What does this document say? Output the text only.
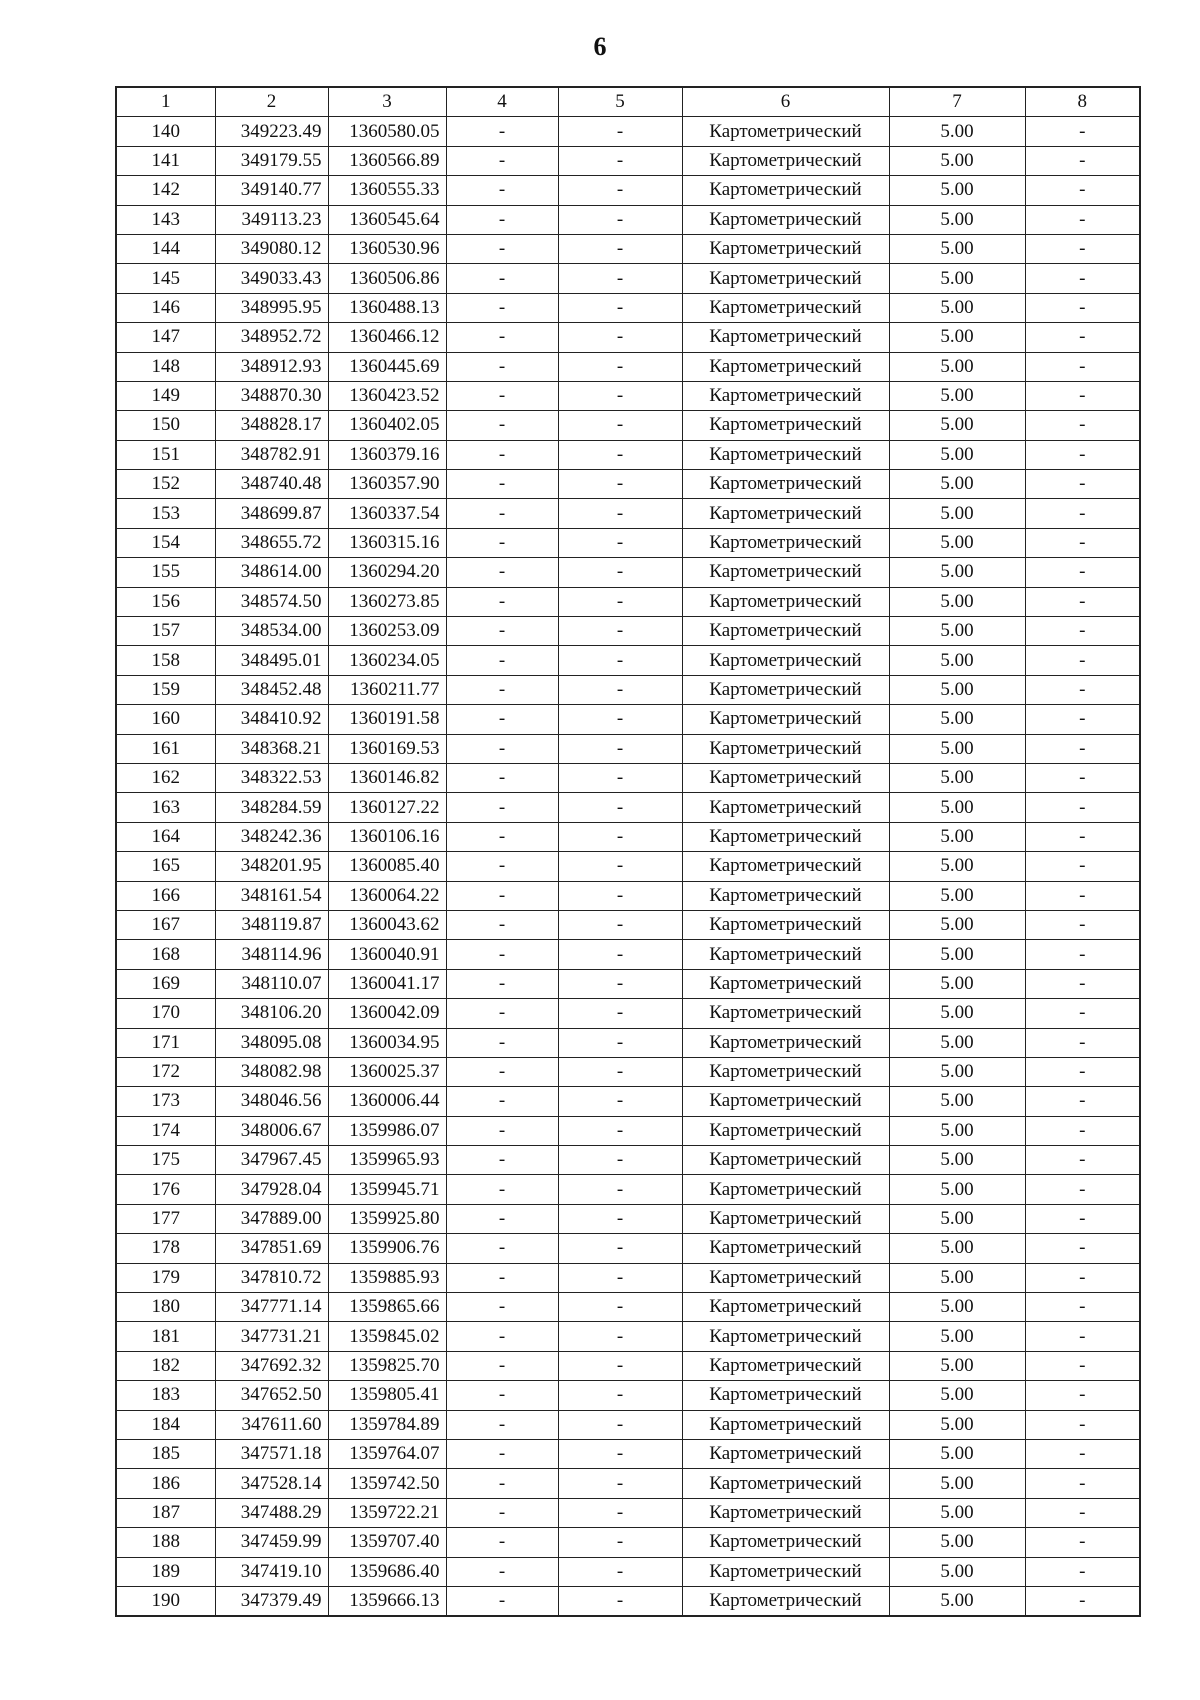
6
1	2	3	4	5	6	7	8
140	349223.49	1360580.05	-	-	Картометрический	5.00	-
141	349179.55	1360566.89	-	-	Картометрический	5.00	-
142	349140.77	1360555.33	-	-	Картометрический	5.00	-
143	349113.23	1360545.64	-	-	Картометрический	5.00	-
144	349080.12	1360530.96	-	-	Картометрический	5.00	-
145	349033.43	1360506.86	-	-	Картометрический	5.00	-
146	348995.95	1360488.13	-	-	Картометрический	5.00	-
147	348952.72	1360466.12	-	-	Картометрический	5.00	-
148	348912.93	1360445.69	-	-	Картометрический	5.00	-
149	348870.30	1360423.52	-	-	Картометрический	5.00	-
150	348828.17	1360402.05	-	-	Картометрический	5.00	-
151	348782.91	1360379.16	-	-	Картометрический	5.00	-
152	348740.48	1360357.90	-	-	Картометрический	5.00	-
153	348699.87	1360337.54	-	-	Картометрический	5.00	-
154	348655.72	1360315.16	-	-	Картометрический	5.00	-
155	348614.00	1360294.20	-	-	Картометрический	5.00	-
156	348574.50	1360273.85	-	-	Картометрический	5.00	-
157	348534.00	1360253.09	-	-	Картометрический	5.00	-
158	348495.01	1360234.05	-	-	Картометрический	5.00	-
159	348452.48	1360211.77	-	-	Картометрический	5.00	-
160	348410.92	1360191.58	-	-	Картометрический	5.00	-
161	348368.21	1360169.53	-	-	Картометрический	5.00	-
162	348322.53	1360146.82	-	-	Картометрический	5.00	-
163	348284.59	1360127.22	-	-	Картометрический	5.00	-
164	348242.36	1360106.16	-	-	Картометрический	5.00	-
165	348201.95	1360085.40	-	-	Картометрический	5.00	-
166	348161.54	1360064.22	-	-	Картометрический	5.00	-
167	348119.87	1360043.62	-	-	Картометрический	5.00	-
168	348114.96	1360040.91	-	-	Картометрический	5.00	-
169	348110.07	1360041.17	-	-	Картометрический	5.00	-
170	348106.20	1360042.09	-	-	Картометрический	5.00	-
171	348095.08	1360034.95	-	-	Картометрический	5.00	-
172	348082.98	1360025.37	-	-	Картометрический	5.00	-
173	348046.56	1360006.44	-	-	Картометрический	5.00	-
174	348006.67	1359986.07	-	-	Картометрический	5.00	-
175	347967.45	1359965.93	-	-	Картометрический	5.00	-
176	347928.04	1359945.71	-	-	Картометрический	5.00	-
177	347889.00	1359925.80	-	-	Картометрический	5.00	-
178	347851.69	1359906.76	-	-	Картометрический	5.00	-
179	347810.72	1359885.93	-	-	Картометрический	5.00	-
180	347771.14	1359865.66	-	-	Картометрический	5.00	-
181	347731.21	1359845.02	-	-	Картометрический	5.00	-
182	347692.32	1359825.70	-	-	Картометрический	5.00	-
183	347652.50	1359805.41	-	-	Картометрический	5.00	-
184	347611.60	1359784.89	-	-	Картометрический	5.00	-
185	347571.18	1359764.07	-	-	Картометрический	5.00	-
186	347528.14	1359742.50	-	-	Картометрический	5.00	-
187	347488.29	1359722.21	-	-	Картометрический	5.00	-
188	347459.99	1359707.40	-	-	Картометрический	5.00	-
189	347419.10	1359686.40	-	-	Картометрический	5.00	-
190	347379.49	1359666.13	-	-	Картометрический	5.00	-
